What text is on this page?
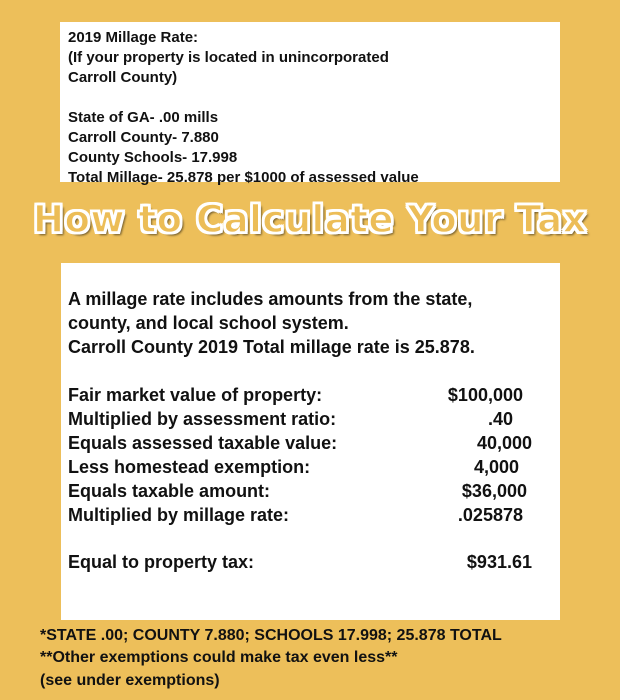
2019 Millage Rate:
(If your property is located in unincorporated
Carroll County)
State of GA- .00 mills
Carroll County- 7.880
County Schools- 17.998
Total Millage- 25.878 per $1000 of assessed value
How to Calculate Your Tax
A millage rate includes amounts from the state,
county, and local school system.
Carroll County 2019 Total millage rate is 25.878.
Fair market value of property:	$100,000
Multiplied by assessment ratio:	.40
Equals assessed taxable value:	40,000
Less homestead exemption:	4,000
Equals taxable amount:	$36,000
Multiplied by millage rate:	.025878
Equal to property tax:	$931.61
*STATE .00; COUNTY 7.880; SCHOOLS 17.998; 25.878 TOTAL
**Other exemptions could make tax even less**
(see under exemptions)
